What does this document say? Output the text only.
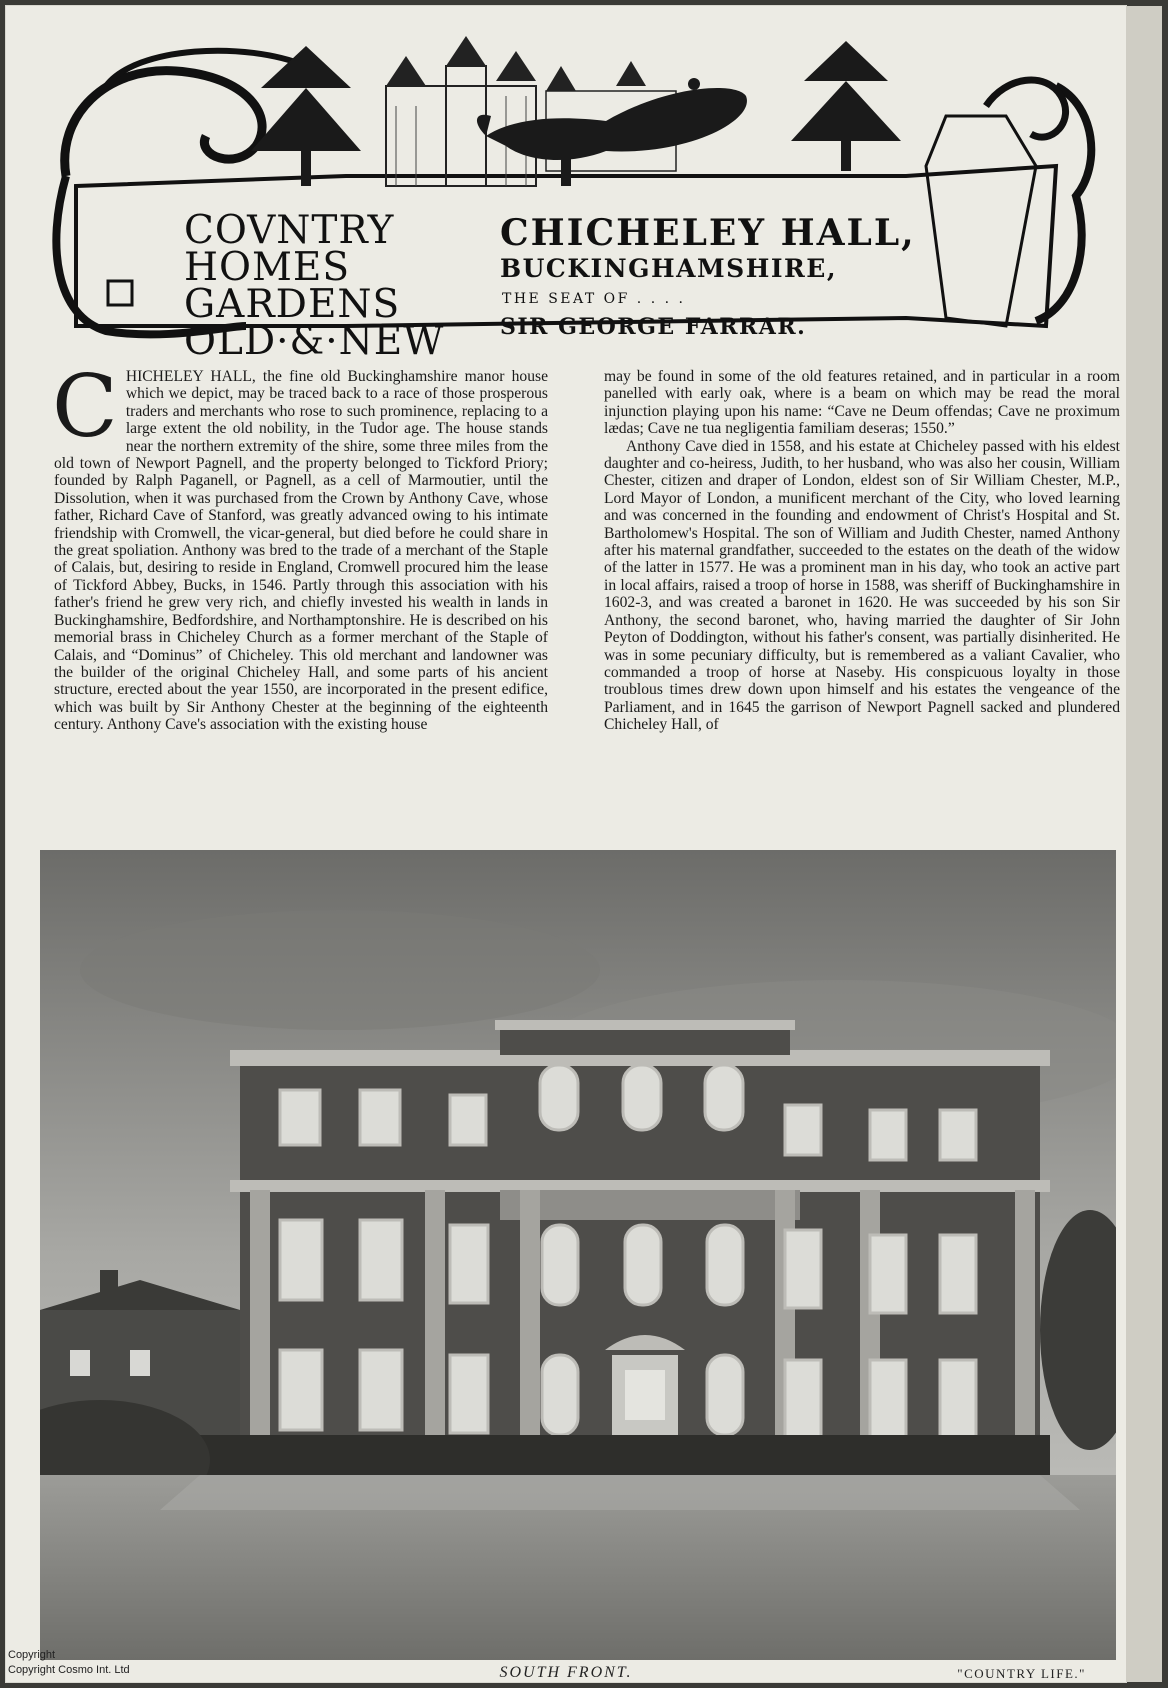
COVNTRY
HOMES
GARDENS
OLD·&·NEW
CHICHELEY HALL,
BUCKINGHAMSHIRE,
THE SEAT OF . . . .
SIR GEORGE FARRAR.

CHICHELEY HALL, the fine old Buckinghamshire manor house which we depict, may be traced back to a race of those prosperous traders and merchants who rose to such prominence, replacing to a large extent the old nobility, in the Tudor age. The house stands near the northern extremity of the shire, some three miles from the old town of Newport Pagnell, and the property belonged to Tickford Priory; founded by Ralph Paganell, or Pagnell, as a cell of Marmoutier, until the Dissolution, when it was purchased from the Crown by Anthony Cave, whose father, Richard Cave of Stanford, was greatly advanced owing to his intimate friendship with Cromwell, the vicar-general, but died before he could share in the great spoliation. Anthony was bred to the trade of a merchant of the Staple of Calais, but, desiring to reside in England, Cromwell procured him the lease of Tickford Abbey, Bucks, in 1546. Partly through this association with his father's friend he grew very rich, and chiefly invested his wealth in lands in Buckinghamshire, Bedfordshire, and Northamptonshire. He is described on his memorial brass in Chicheley Church as a former merchant of the Staple of Calais, and “Dominus” of Chicheley. This old merchant and landowner was the builder of the original Chicheley Hall, and some parts of his ancient structure, erected about the year 1550, are incorporated in the present edifice, which was built by Sir Anthony Chester at the beginning of the eighteenth century. Anthony Cave's association with the existing house

may be found in some of the old features retained, and in particular in a room panelled with early oak, where is a beam on which may be read the moral injunction playing upon his name: “Cave ne Deum offendas; Cave ne proximum lædas; Cave ne tua negligentia familiam deseras; 1550.”

Anthony Cave died in 1558, and his estate at Chicheley passed with his eldest daughter and co-heiress, Judith, to her husband, who was also her cousin, William Chester, citizen and draper of London, eldest son of Sir William Chester, M.P., Lord Mayor of London, a munificent merchant of the City, who loved learning and was concerned in the founding and endowment of Christ's Hospital and St. Bartholomew's Hospital. The son of William and Judith Chester, named Anthony after his maternal grandfather, succeeded to the estates on the death of the widow of the latter in 1577. He was a prominent man in his day, who took an active part in local affairs, raised a troop of horse in 1588, was sheriff of Buckinghamshire in 1602-3, and was created a baronet in 1620. He was succeeded by his son Sir Anthony, the second baronet, who, having married the daughter of Sir John Peyton of Doddington, without his father's consent, was partially disinherited. He was in some pecuniary difficulty, but is remembered as a valiant Cavalier, who commanded a troop of horse at Naseby. His conspicuous loyalty in those troublous times drew down upon himself and his estates the vengeance of the Parliament, and in 1645 the garrison of Newport Pagnell sacked and plundered Chicheley Hall, of

SOUTH FRONT.	"COUNTRY LIFE."
Copyright
Copyright Cosmo Int. Ltd
